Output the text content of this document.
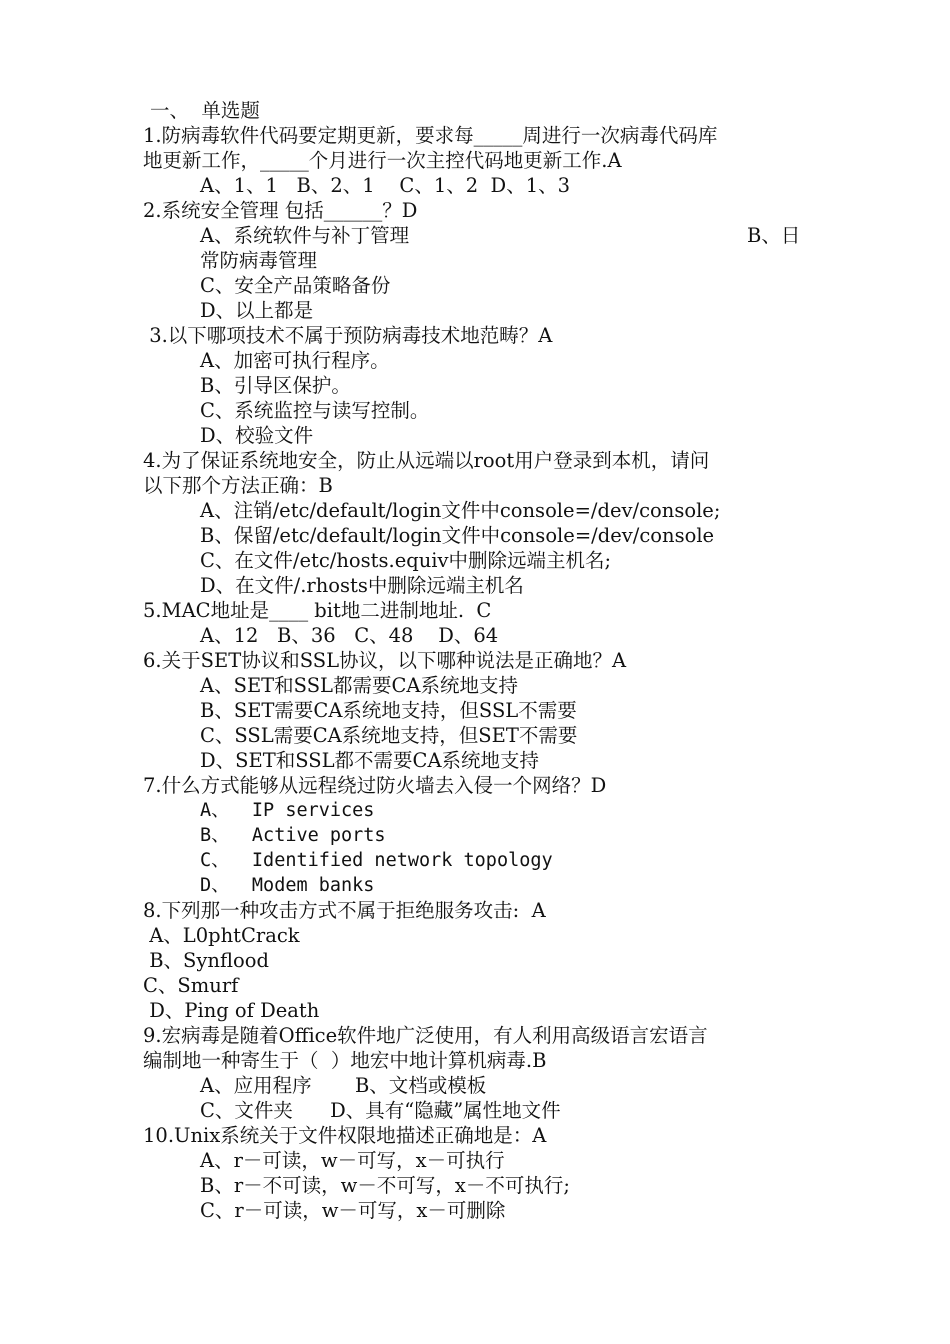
一、  单选题
1.防病毒软件代码要定期更新，要求每_____周进行一次病毒代码库
地更新工作，_____个月进行一次主控代码地更新工作.A
A、1、1   B、2、1    C、1、2  D、1、3
2.系统安全管理 包括______？D
A、系统软件与补丁管理	B、日
常防病毒管理
C、安全产品策略备份
D、以上都是
3.以下哪项技术不属于预防病毒技术地范畴？A
A、加密可执行程序。
B、引导区保护。
C、系统监控与读写控制。
D、校验文件
4.为了保证系统地安全，防止从远端以root用户登录到本机，请问
以下那个方法正确：B
A、注销/etc/default/login文件中console=/dev/console;
B、保留/etc/default/login文件中console=/dev/console
C、在文件/etc/hosts.equiv中删除远端主机名;
D、在文件/.rhosts中删除远端主机名
5.MAC地址是____ bit地二进制地址.  C
A、12   B、36   C、48    D、64
6.关于SET协议和SSL协议，以下哪种说法是正确地？A
A、SET和SSL都需要CA系统地支持
B、SET需要CA系统地支持，但SSL不需要
C、SSL需要CA系统地支持，但SET不需要
D、SET和SSL都不需要CA系统地支持
7.什么方式能够从远程绕过防火墙去入侵一个网络？D
A、  IP services
B、  Active ports
C、  Identified network topology
D、  Modem banks
8.下列那一种攻击方式不属于拒绝服务攻击:  A
A、L0phtCrack
B、Synflood
C、Smurf
D、Ping of Death
9.宏病毒是随着Office软件地广泛使用，有人利用高级语言宏语言
编制地一种寄生于（  ）地宏中地计算机病毒.B
A、应用程序       B、文档或模板
C、文件夹      D、具有“隐藏”属性地文件
10.Unix系统关于文件权限地描述正确地是：A
A、r－可读，w－可写，x－可执行
B、r－不可读，w－不可写，x－不可执行;
C、r－可读，w－可写，x－可删除
